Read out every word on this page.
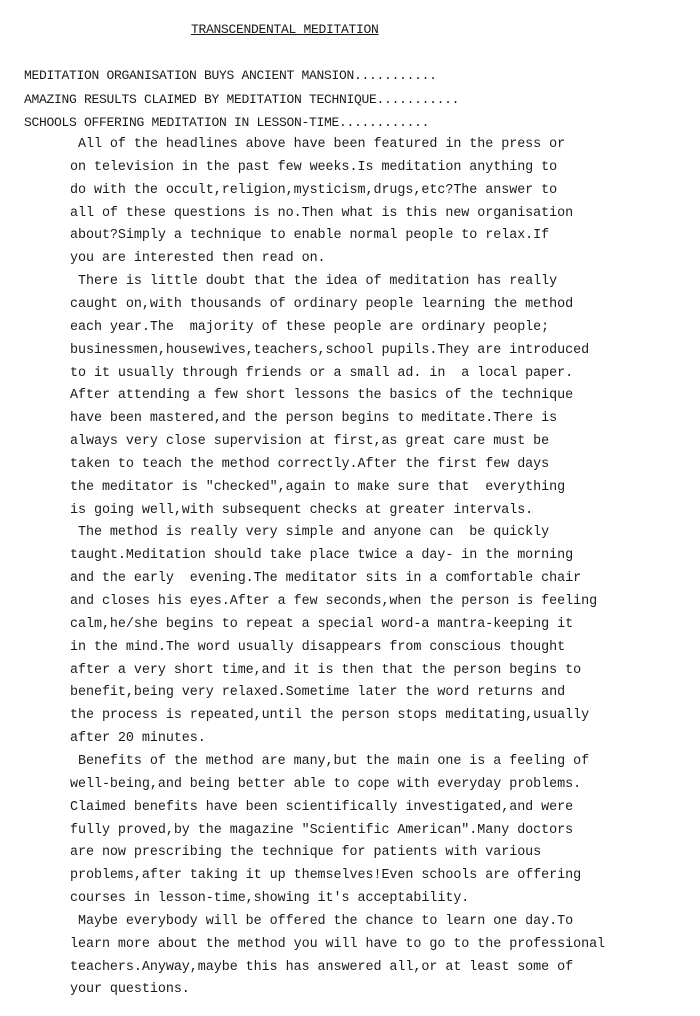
TRANSCENDENTAL MEDITATION
MEDITATION ORGANISATION BUYS ANCIENT MANSION...........
AMAZING RESULTS CLAIMED BY MEDITATION TECHNIQUE...........
SCHOOLS OFFERING MEDITATION IN LESSON-TIME............
All of the headlines above have been featured in the press or
on television in the past few weeks.Is meditation anything to
do with the occult,religion,mysticism,drugs,etc?The answer to
all of these questions is no.Then what is this new organisation
about?Simply a technique to enable normal people to relax.If
you are interested then read on.
There is little doubt that the idea of meditation has really
caught on,with thousands of ordinary people learning the method
each year.The  majority of these people are ordinary people;
businessmen,housewives,teachers,school pupils.They are introduced
to it usually through friends or a small ad. in  a local paper.
After attending a few short lessons the basics of the technique
have been mastered,and the person begins to meditate.There is
always very close supervision at first,as great care must be
taken to teach the method correctly.After the first few days
the meditator is "checked",again to make sure that  everything
is going well,with subsequent checks at greater intervals.
The method is really very simple and anyone can  be quickly
taught.Meditation should take place twice a day- in the morning
and the early  evening.The meditator sits in a comfortable chair
and closes his eyes.After a few seconds,when the person is feeling
calm,he/she begins to repeat a special word-a mantra-keeping it
in the mind.The word usually disappears from conscious thought
after a very short time,and it is then that the person begins to
benefit,being very relaxed.Sometime later the word returns and
the process is repeated,until the person stops meditating,usually
after 20 minutes.
Benefits of the method are many,but the main one is a feeling of
well-being,and being better able to cope with everyday problems.
Claimed benefits have been scientifically investigated,and were
fully proved,by the magazine "Scientific American".Many doctors
are now prescribing the technique for patients with various
problems,after taking it up themselves!Even schools are offering
courses in lesson-time,showing it's acceptability.
Maybe everybody will be offered the chance to learn one day.To
learn more about the method you will have to go to the professional
teachers.Anyway,maybe this has answered all,or at least some of
your questions.
